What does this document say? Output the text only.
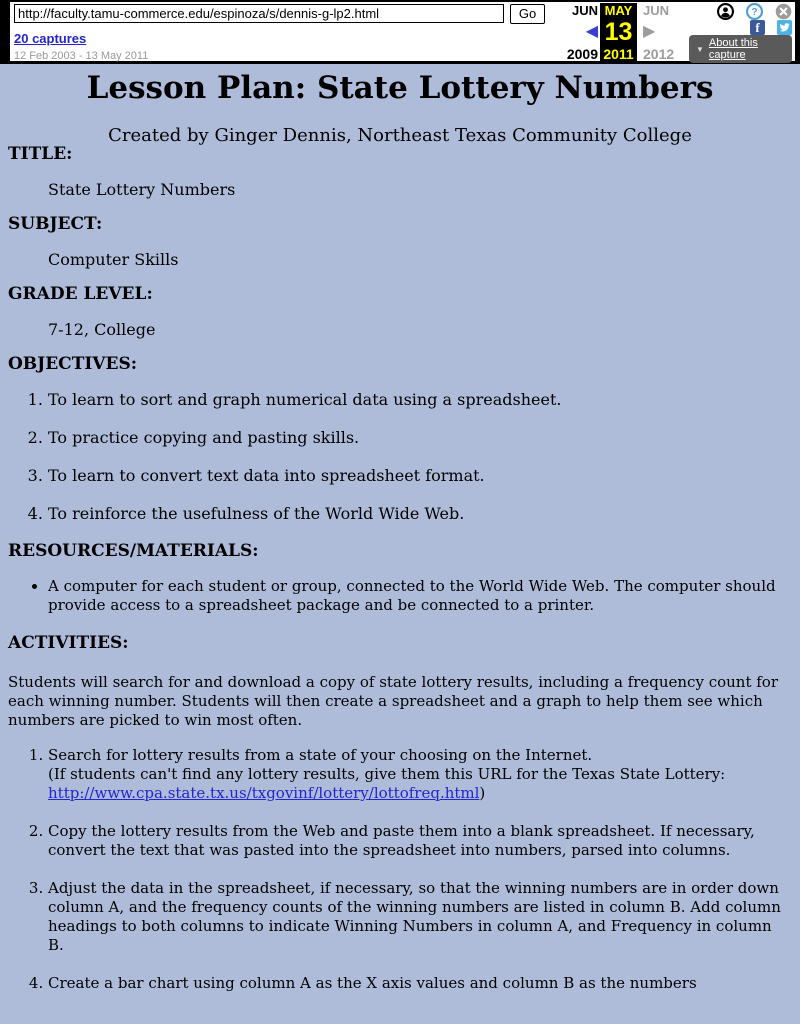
http://faculty.tamu-commerce.edu/espinoza/s/dennis-g-lp2.html
Go
20 captures
12 Feb 2003 - 13 May 2011
JUN
◀
2009
MAY
13
2011
JUN
▶
2012
?
f
▼ About this capture
Lesson Plan: State Lottery Numbers
Created by Ginger Dennis, Northeast Texas Community College
TITLE:
State Lottery Numbers
SUBJECT:
Computer Skills
GRADE LEVEL:
7-12, College
OBJECTIVES:
1. To learn to sort and graph numerical data using a spreadsheet.
2. To practice copying and pasting skills.
3. To learn to convert text data into spreadsheet format.
4. To reinforce the usefulness of the World Wide Web.
RESOURCES/MATERIALS:
• A computer for each student or group, connected to the World Wide Web. The computer should provide access to a spreadsheet package and be connected to a printer.
ACTIVITIES:

Students will search for and download a copy of state lottery results, including a frequency count for each winning number. Students will then create a spreadsheet and a graph to help them see which numbers are picked to win most often.

1. Search for lottery results from a state of your choosing on the Internet.
(If students can't find any lottery results, give them this URL for the Texas State Lottery:
http://www.cpa.state.tx.us/txgovinf/lottery/lottofreq.html)
2. Copy the lottery results from the Web and paste them into a blank spreadsheet. If necessary, convert the text that was pasted into the spreadsheet into numbers, parsed into columns.
3. Adjust the data in the spreadsheet, if necessary, so that the winning numbers are in order down column A, and the frequency counts of the winning numbers are listed in column B. Add column headings to both columns to indicate Winning Numbers in column A, and Frequency in column B.
4. Create a bar chart using column A as the X axis values and column B as the numbers
